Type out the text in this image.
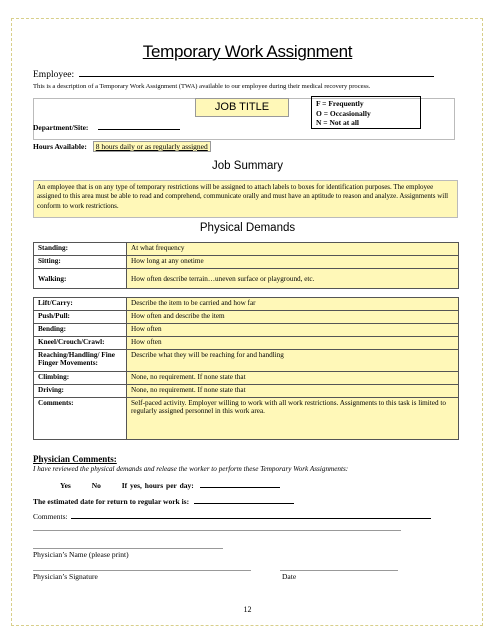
Temporary Work Assignment
Employee:
This is a description of a Temporary Work Assignment (TWA) available to our employee during their medical recovery process.
JOB TITLE	F = Frequently
O = Occasionally
N = Not at all
Department/Site:
Hours Available: 8 hours daily or as regularly assigned
Job Summary
An employee that is on any type of temporary restrictions will be assigned to attach labels to boxes for identification purposes. The employee assigned to this area must be able to read and comprehend, communicate orally and must have an aptitude to reason and analyze. Assignments will conform to work restrictions.
Physical Demands
Standing:	At what frequency
Sitting:	How long at any onetime
Walking:	How often describe terrain…uneven surface or playground, etc.

Lift/Carry:	Describe the item to be carried and how far
Push/Pull:	How often and describe the item
Bending:	How often
Kneel/Crouch/Crawl:	How often
Reaching/Handling/ Fine Finger Movements:	Describe what they will be reaching for and handling
Climbing:	None, no requirement. If none state that
Driving:	None, no requirement. If none state that
Comments:	Self-paced activity. Employer willing to work with all work restrictions. Assignments to this task is limited to regularly assigned personnel in this work area.
Physician Comments:
I have reviewed the physical demands and release the worker to perform these Temporary Work Assignments:
Yes	No	If yes, hours per day:
The estimated date for return to regular work is:
Comments:
Physician’s Name (please print)
Physician’s Signature	Date
12
